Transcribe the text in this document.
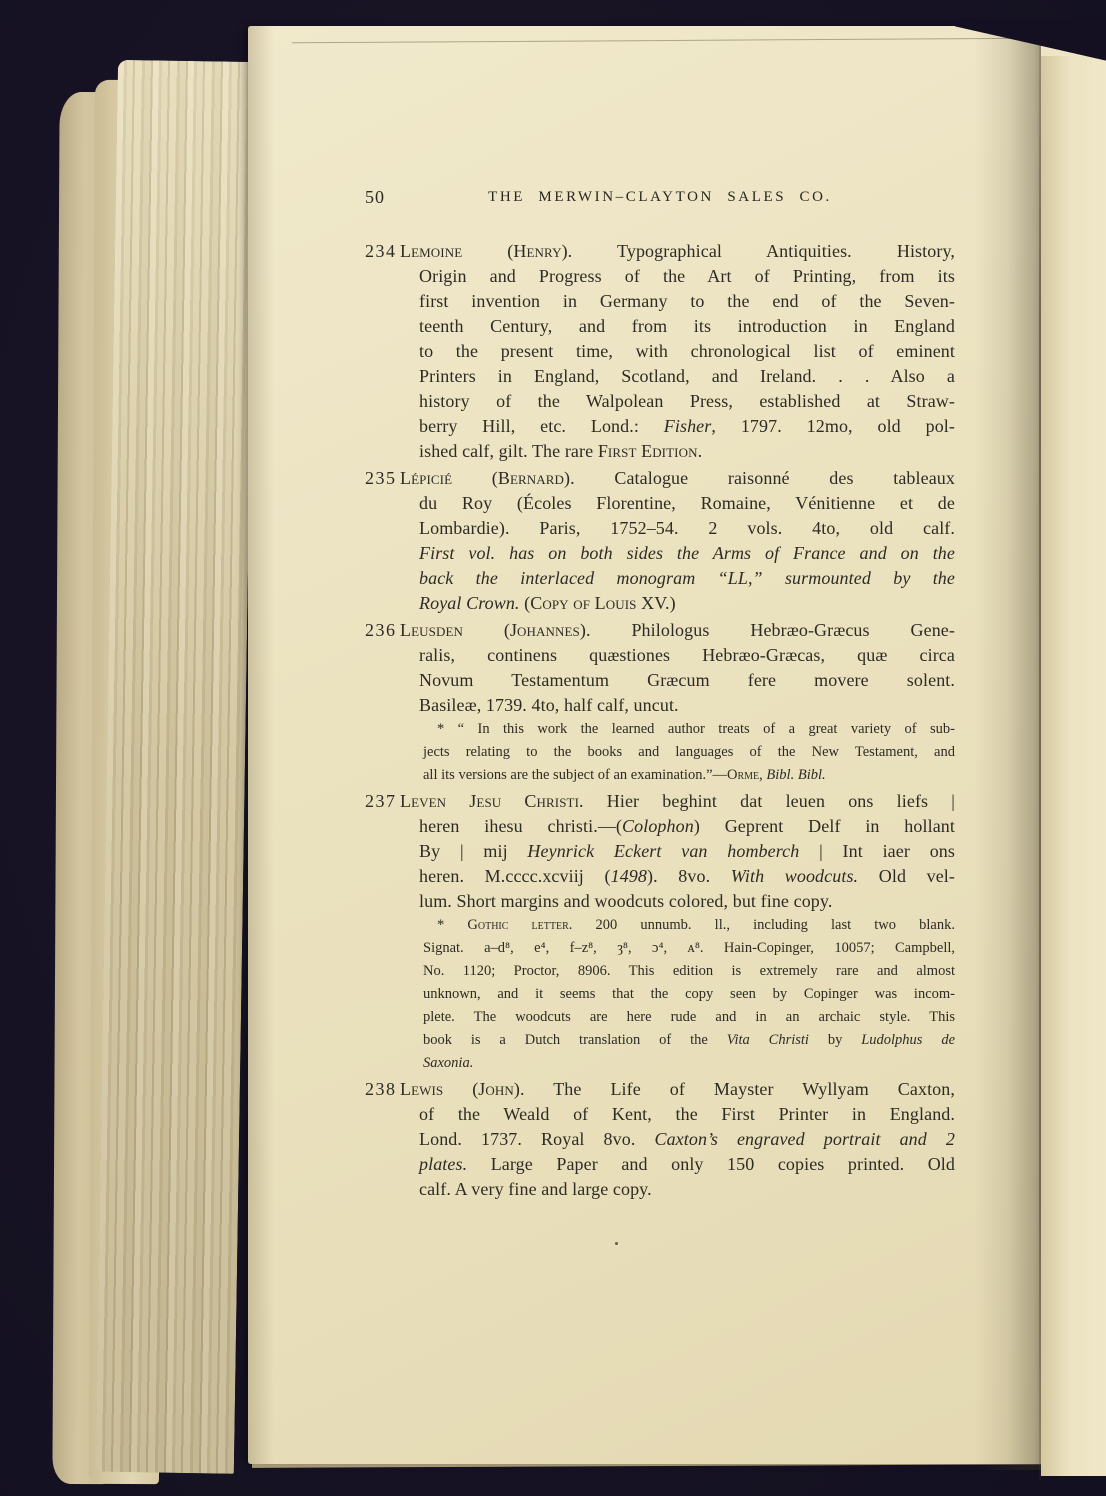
50	THE MERWIN–CLAYTON SALES CO.
234 Lemoine (Henry). Typographical Antiquities. History,
Origin and Progress of the Art of Printing, from its
first invention in Germany to the end of the Seven-
teenth Century, and from its introduction in England
to the present time, with chronological list of eminent
Printers in England, Scotland, and Ireland. . . Also a
history of the Walpolean Press, established at Straw-
berry Hill, etc. Lond.: Fisher, 1797. 12mo, old pol-
ished calf, gilt. The rare First Edition.
235 Lépicié (Bernard). Catalogue raisonné des tableaux
du Roy (Écoles Florentine, Romaine, Vénitienne et de
Lombardie). Paris, 1752–54. 2 vols. 4to, old calf.
First vol. has on both sides the Arms of France and on the
back the interlaced monogram “LL,” surmounted by the
Royal Crown. (Copy of Louis XV.)
236 Leusden (Johannes). Philologus Hebræo-Græcus Gene-
ralis, continens quæstiones Hebræo-Græcas, quæ circa
Novum Testamentum Græcum fere movere solent.
Basileæ, 1739. 4to, half calf, uncut.
* “ In this work the learned author treats of a great variety of sub-
jects relating to the books and languages of the New Testament, and
all its versions are the subject of an examination.”—Orme, Bibl. Bibl.
237 Leven Jesu Christi. Hier beghint dat leuen ons liefs |
heren ihesu christi.—(Colophon) Geprent Delf in hollant
By | mij Heynrick Eckert van homberch | Int iaer ons
heren. M.cccc.xcviij (1498). 8vo. With woodcuts. Old vel-
lum. Short margins and woodcuts colored, but fine copy.
* Gothic letter. 200 unnumb. ll., including last two blank.
Signat. a–d⁸, e⁴, f–z⁸, ȝ⁸, ɔ⁴, ᴀ⁸. Hain-Copinger, 10057; Campbell,
No. 1120; Proctor, 8906. This edition is extremely rare and almost
unknown, and it seems that the copy seen by Copinger was incom-
plete. The woodcuts are here rude and in an archaic style. This
book is a Dutch translation of the Vita Christi by Ludolphus de
Saxonia.
238 Lewis (John). The Life of Mayster Wyllyam Caxton,
of the Weald of Kent, the First Printer in England.
Lond. 1737. Royal 8vo. Caxton’s engraved portrait and 2
plates. Large Paper and only 150 copies printed. Old
calf. A very fine and large copy.
